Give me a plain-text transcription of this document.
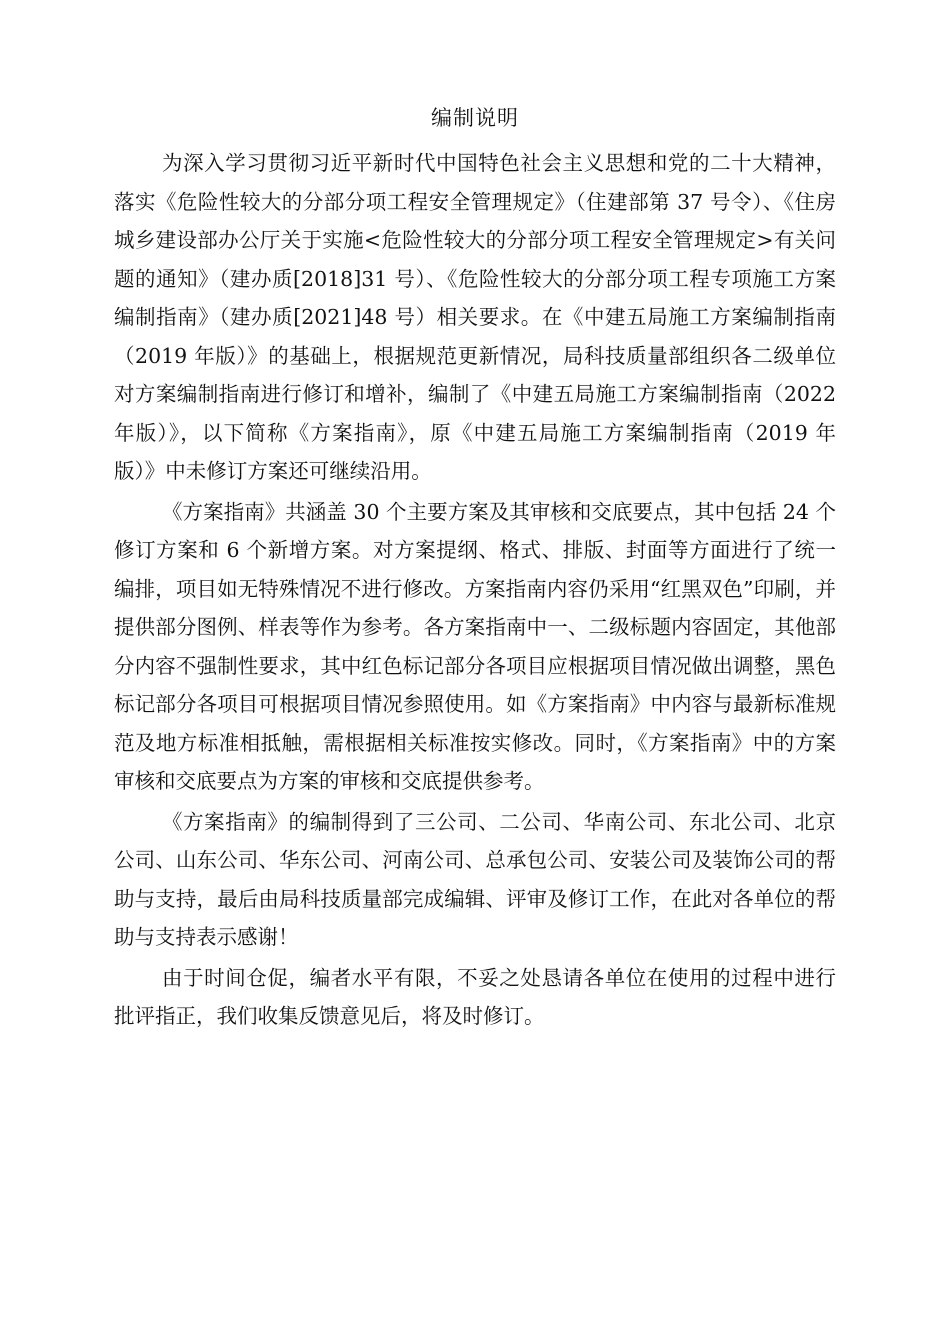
编制说明

为深入学习贯彻习近平新时代中国特色社会主义思想和党的二十大精神，落实《危险性较大的分部分项工程安全管理规定》（住建部第 37 号令）、《住房城乡建设部办公厅关于实施<危险性较大的分部分项工程安全管理规定>有关问题的通知》（建办质[2018]31 号）、《危险性较大的分部分项工程专项施工方案编制指南》（建办质[2021]48 号）相关要求。在《中建五局施工方案编制指南（2019 年版）》的基础上，根据规范更新情况，局科技质量部组织各二级单位对方案编制指南进行修订和增补，编制了《中建五局施工方案编制指南（2022 年版）》，以下简称《方案指南》，原《中建五局施工方案编制指南（2019 年版）》中未修订方案还可继续沿用。

《方案指南》共涵盖 30 个主要方案及其审核和交底要点，其中包括 24 个修订方案和 6 个新增方案。对方案提纲、格式、排版、封面等方面进行了统一编排，项目如无特殊情况不进行修改。方案指南内容仍采用“红黑双色”印刷，并提供部分图例、样表等作为参考。各方案指南中一、二级标题内容固定，其他部分内容不强制性要求，其中红色标记部分各项目应根据项目情况做出调整，黑色标记部分各项目可根据项目情况参照使用。如《方案指南》中内容与最新标准规范及地方标准相抵触，需根据相关标准按实修改。同时，《方案指南》中的方案审核和交底要点为方案的审核和交底提供参考。

《方案指南》的编制得到了三公司、二公司、华南公司、东北公司、北京公司、山东公司、华东公司、河南公司、总承包公司、安装公司及装饰公司的帮助与支持，最后由局科技质量部完成编辑、评审及修订工作，在此对各单位的帮助与支持表示感谢！

由于时间仓促，编者水平有限，不妥之处恳请各单位在使用的过程中进行批评指正，我们收集反馈意见后，将及时修订。
